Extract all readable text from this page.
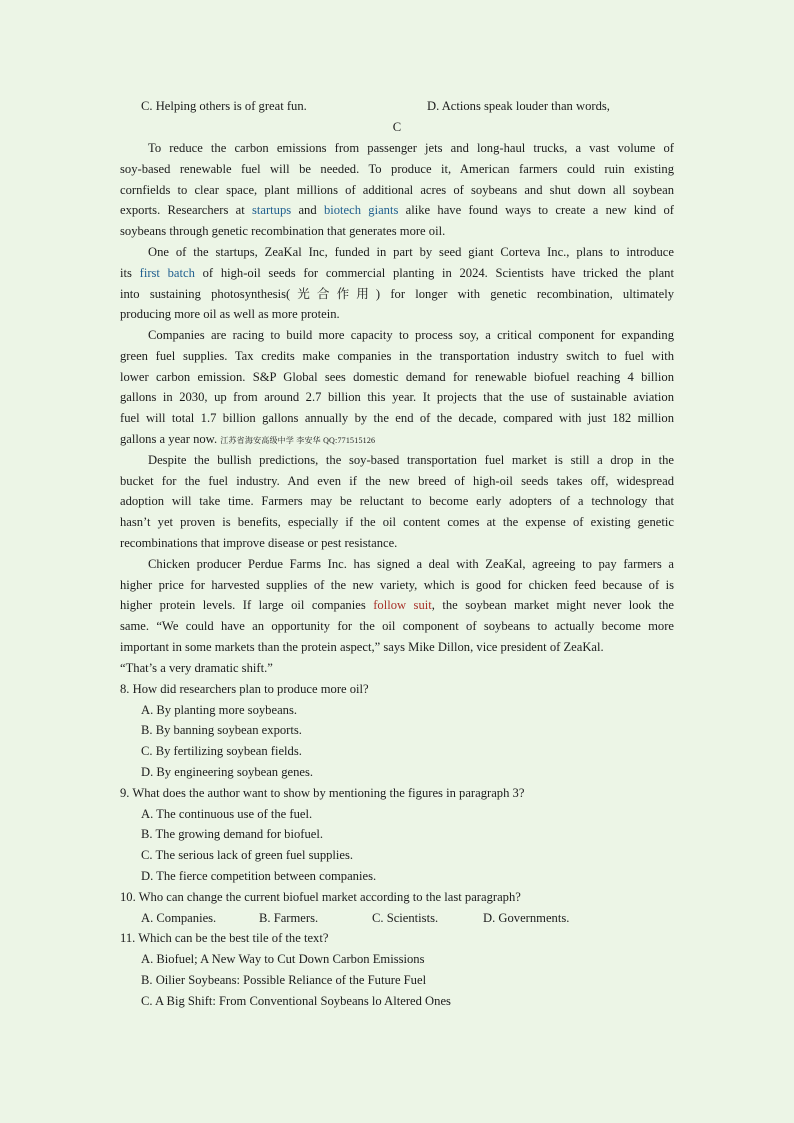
C. Helping others is of great fun.	D. Actions speak louder than words,
C
To reduce the carbon emissions from passenger jets and long-haul trucks, a vast volume of
soy-based renewable fuel will be needed. To produce it, American farmers could ruin existing
cornfields to clear space, plant millions of additional acres of soybeans and shut down all soybean
exports. Researchers at startups and biotech giants alike have found ways to create a new kind of
soybeans through genetic recombination that generates more oil.
One of the startups, ZeaKal Inc, funded in part by seed giant Corteva Inc., plans to introduce
its first batch of high-oil seeds for commercial planting in 2024. Scientists have tricked the plant
into sustaining photosynthesis(光合作用) for longer with genetic recombination, ultimately
producing more oil as well as more protein.
Companies are racing to build more capacity to process soy, a critical component for expanding
green fuel supplies. Tax credits make companies in the transportation industry switch to fuel with
lower carbon emission. S&P Global sees domestic demand for renewable biofuel reaching 4 billion
gallons in 2030, up from around 2.7 billion this year. It projects that the use of sustainable aviation
fuel will total 1.7 billion gallons annually by the end of the decade, compared with just 182 million
gallons a year now. 江苏省海安高级中学 李安华 QQ:771515126
Despite the bullish predictions, the soy-based transportation fuel market is still a drop in the
bucket for the fuel industry. And even if the new breed of high-oil seeds takes off, widespread
adoption will take time. Farmers may be reluctant to become early adopters of a technology that
hasn’t yet proven is benefits, especially if the oil content comes at the expense of existing genetic
recombinations that improve disease or pest resistance.
Chicken producer Perdue Farms Inc. has signed a deal with ZeaKal, agreeing to pay farmers a
higher price for harvested supplies of the new variety, which is good for chicken feed because of is
higher protein levels. If large oil companies follow suit, the soybean market might never look the
same. “We could have an opportunity for the oil component of soybeans to actually become more
important in some markets than the protein aspect,” says Mike Dillon, vice president of ZeaKal.
“That’s a very dramatic shift.”
8. How did researchers plan to produce more oil?
A. By planting more soybeans.
B. By banning soybean exports.
C. By fertilizing soybean fields.
D. By engineering soybean genes.
9. What does the author want to show by mentioning the figures in paragraph 3?
A. The continuous use of the fuel.
B. The growing demand for biofuel.
C. The serious lack of green fuel supplies.
D. The fierce competition between companies.
10. Who can change the current biofuel market according to the last paragraph?
A. Companies.	B. Farmers.	C. Scientists.	D. Governments.
11. Which can be the best tile of the text?
A. Biofuel; A New Way to Cut Down Carbon Emissions
B. Oilier Soybeans: Possible Reliance of the Future Fuel
C. A Big Shift: From Conventional Soybeans lo Altered Ones
